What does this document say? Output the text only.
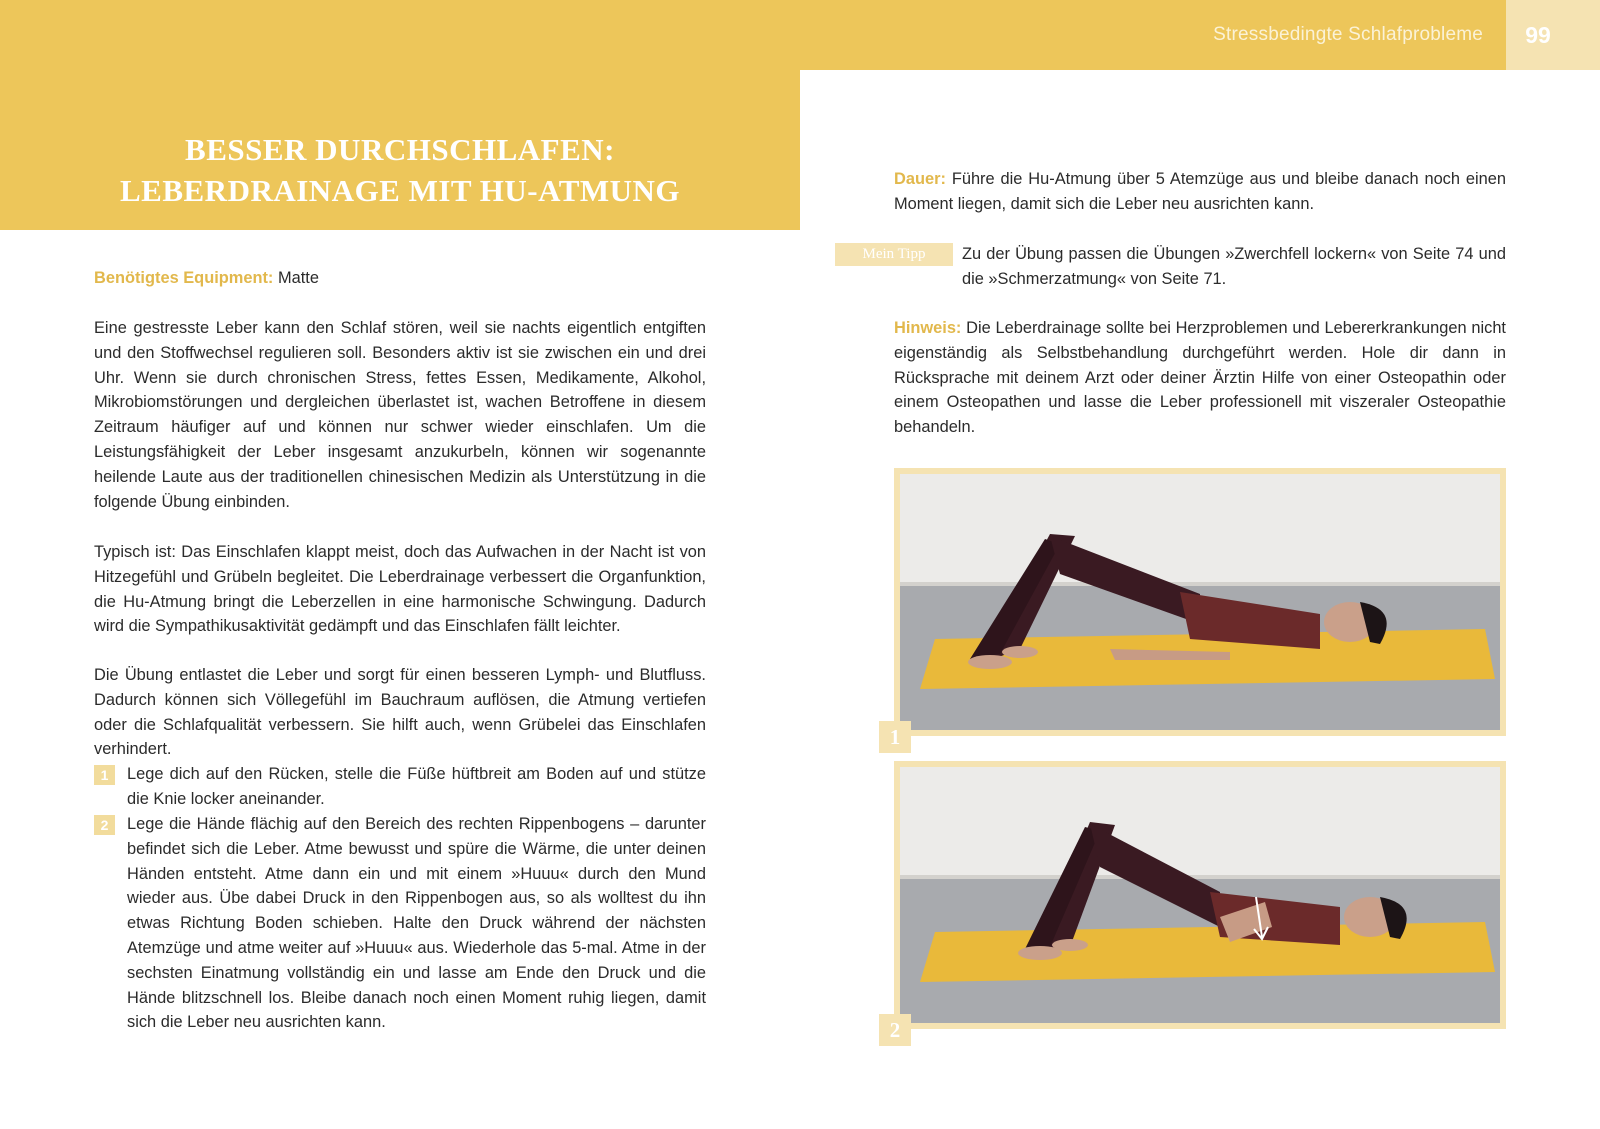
Stressbedingte Schlafprobleme	99
BESSER DURCHSCHLAFEN:
LEBERDRAINAGE MIT HU-ATMUNG
Benötigtes Equipment: Matte

Eine gestresste Leber kann den Schlaf stören, weil sie nachts eigentlich entgiften und den Stoffwechsel regulieren soll. Besonders aktiv ist sie zwischen ein und drei Uhr. Wenn sie durch chronischen Stress, fettes Essen, Medikamente, Alkohol, Mikrobiomstörungen und dergleichen überlastet ist, wachen Betroffene in diesem Zeitraum häufiger auf und können nur schwer wieder einschlafen. Um die Leistungsfähigkeit der Leber insgesamt anzukurbeln, können wir sogenannte heilende Laute aus der traditionellen chinesischen Medizin als Unterstützung in die folgende Übung einbinden.

Typisch ist: Das Einschlafen klappt meist, doch das Aufwachen in der Nacht ist von Hitzegefühl und Grübeln begleitet. Die Leberdrainage verbessert die Organfunktion, die Hu-Atmung bringt die Leberzellen in eine harmonische Schwingung. Dadurch wird die Sympathikusaktivität gedämpft und das Einschlafen fällt leichter.

Die Übung entlastet die Leber und sorgt für einen besseren Lymph- und Blutfluss. Dadurch können sich Völlegefühl im Bauchraum auflösen, die Atmung vertiefen oder die Schlafqualität verbessern. Sie hilft auch, wenn Grübelei das Einschlafen verhindert.

1	Lege dich auf den Rücken, stelle die Füße hüftbreit am Boden auf und stütze die Knie locker aneinander.
2	Lege die Hände flächig auf den Bereich des rechten Rippenbogens – darunter befindet sich die Leber. Atme bewusst und spüre die Wärme, die unter deinen Händen entsteht. Atme dann ein und mit einem »Huuu« durch den Mund wieder aus. Übe dabei Druck in den Rippenbogen aus, so als wolltest du ihn etwas Richtung Boden schieben. Halte den Druck während der nächsten Atemzüge und atme weiter auf »Huuu« aus. Wiederhole das 5-mal. Atme in der sechsten Einatmung vollständig ein und lasse am Ende den Druck und die Hände blitzschnell los. Bleibe danach noch einen Moment ruhig liegen, damit sich die Leber neu ausrichten kann.
Dauer: Führe die Hu-Atmung über 5 Atemzüge aus und bleibe danach noch einen Moment liegen, damit sich die Leber neu ausrichten kann.
Mein Tipp	Zu der Übung passen die Übungen »Zwerchfell lockern« von Seite 74 und die »Schmerzatmung« von Seite 71.
Hinweis: Die Leberdrainage sollte bei Herzproblemen und Lebererkrankungen nicht eigenständig als Selbstbehandlung durchgeführt werden. Hole dir dann in Rücksprache mit deinem Arzt oder deiner Ärztin Hilfe von einer Osteopathin oder einem Osteopathen und lasse die Leber professionell mit viszeraler Osteopathie behandeln.
1
2
